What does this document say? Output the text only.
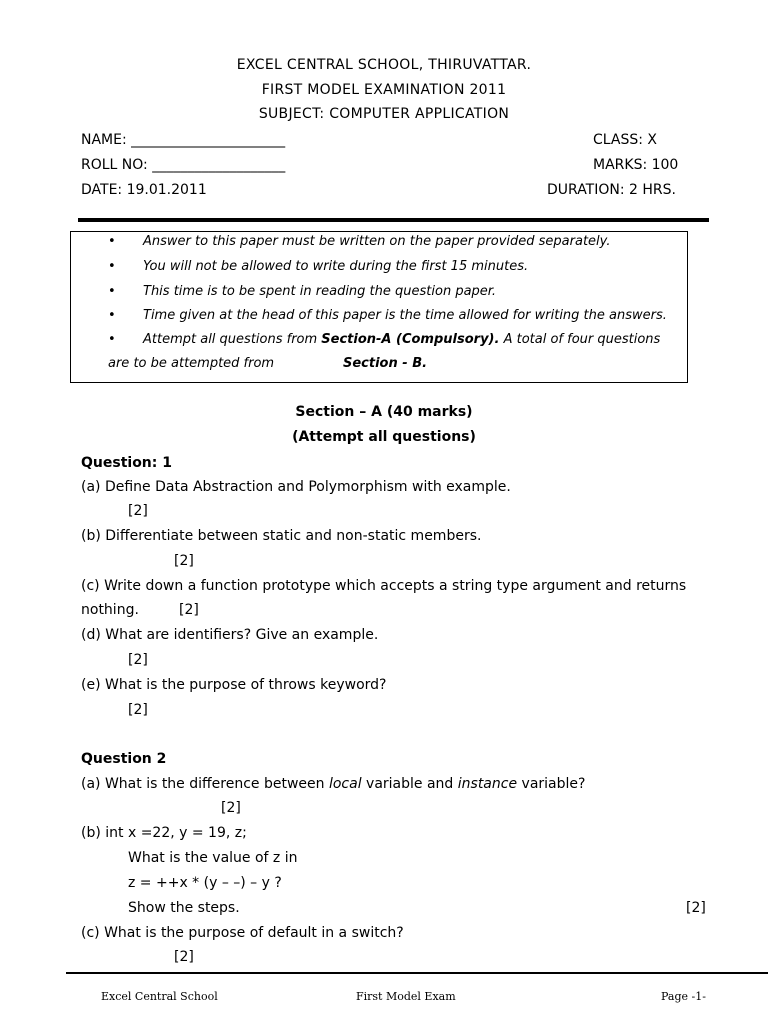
EXCEL CENTRAL SCHOOL, THIRUVATTAR.
FIRST MODEL EXAMINATION 2011
SUBJECT: COMPUTER APPLICATION
NAME: ______________________
ROLL NO: ___________________
DATE: 19.01.2011
CLASS: X
MARKS: 100
DURATION: 2 HRS.
• Answer to this paper must be written on the paper provided separately.
• You will not be allowed to write during the first 15 minutes.
• This time is to be spent in reading the question paper.
• Time given at the head of this paper is the time allowed for writing the answers.
• Attempt all questions from Section-A (Compulsory). A total of four questions
are to be attempted from	Section - B.
Section – A (40 marks)
(Attempt all questions)
Question: 1
(a) Define Data Abstraction and Polymorphism with example.
[2]
(b) Differentiate between static and non-static members.
[2]
(c) Write down a function prototype which accepts a string type argument and returns
nothing.	[2]
(d) What are identifiers? Give an example.
[2]
(e) What is the purpose of throws keyword?
[2]
Question 2
(a) What is the difference between local variable and instance variable?
[2]
(b) int x =22, y = 19, z;
What is the value of z in
z = ++x * (y – –) – y ?
Show the steps.	[2]
(c) What is the purpose of default in a switch?
[2]
Excel Central School	First Model Exam	Page -1-
